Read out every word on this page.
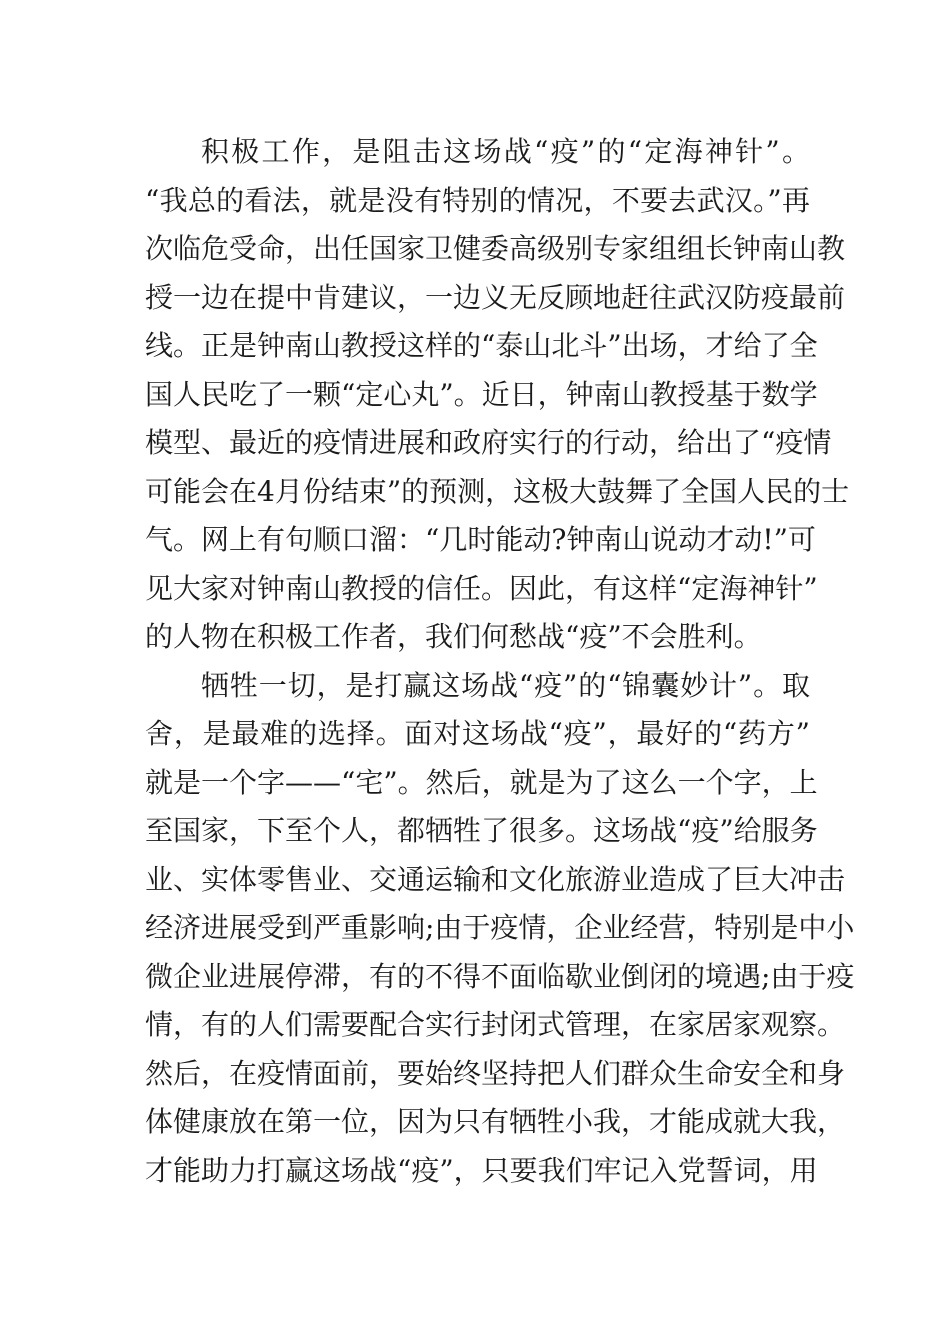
积极工作，是阻击这场战“疫”的“定海神针”。
“我总的看法，就是没有特别的情况，不要去武汉。”再
次临危受命，出任国家卫健委高级别专家组组长钟南山教
授一边在提中肯建议，一边义无反顾地赶往武汉防疫最前
线。正是钟南山教授这样的“泰山北斗”出场，才给了全
国人民吃了一颗“定心丸”。近日，钟南山教授基于数学
模型、最近的疫情进展和政府实行的行动，给出了“疫情
可能会在4月份结束”的预测，这极大鼓舞了全国人民的士
气。网上有句顺口溜：“几时能动?钟南山说动才动!”可
见大家对钟南山教授的信任。因此，有这样“定海神针”
的人物在积极工作者，我们何愁战“疫”不会胜利。
牺牲一切，是打赢这场战“疫”的“锦囊妙计”。取
舍，是最难的选择。面对这场战“疫”，最好的“药方”
就是一个字——“宅”。然后，就是为了这么一个字，上
至国家，下至个人，都牺牲了很多。这场战“疫”给服务
业、实体零售业、交通运输和文化旅游业造成了巨大冲击
经济进展受到严重影响;由于疫情，企业经营，特别是中小
微企业进展停滞，有的不得不面临歇业倒闭的境遇;由于疫
情，有的人们需要配合实行封闭式管理，在家居家观察。
然后，在疫情面前，要始终坚持把人们群众生命安全和身
体健康放在第一位，因为只有牺牲小我，才能成就大我，
才能助力打赢这场战“疫”，只要我们牢记入党誓词，用
